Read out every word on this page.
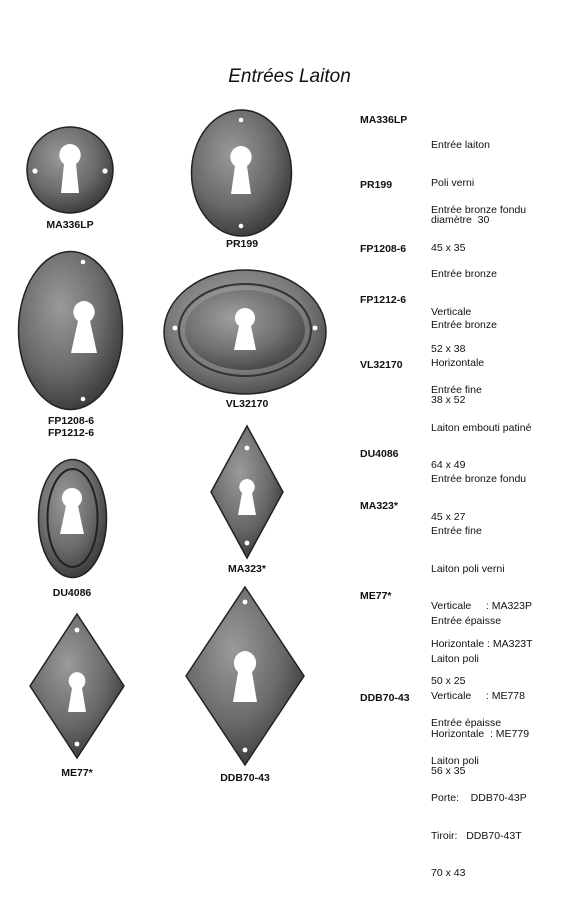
Entrées Laiton
MA336LP
PR199
FP1208-6
FP1212-6
VL32170
DU4086
MA323*
ME77*	DDB70-43
MA336LP

Entrée laiton

Poli verni

diamètre  30

PR199

Entrée bronze fondu

45 x 35

FP1208-6

Entrée bronze

Verticale

52 x 38

FP1212-6

Entrée bronze

Horizontale

38 x 52

VL32170

Entrée fine

Laiton embouti patiné

64 x 49

DU4086

Entrée bronze fondu

45 x 27

MA323*

Entrée fine

Laiton poli verni

Verticale     : MA323P

Horizontale : MA323T

50 x 25

ME77*

Entrée épaisse

Laiton poli

Verticale     : ME778

Horizontale  : ME779

56 x 35

DDB70-43

Entrée épaisse

Laiton poli

Porte:    DDB70-43P

Tiroir:   DDB70-43T

70 x 43
